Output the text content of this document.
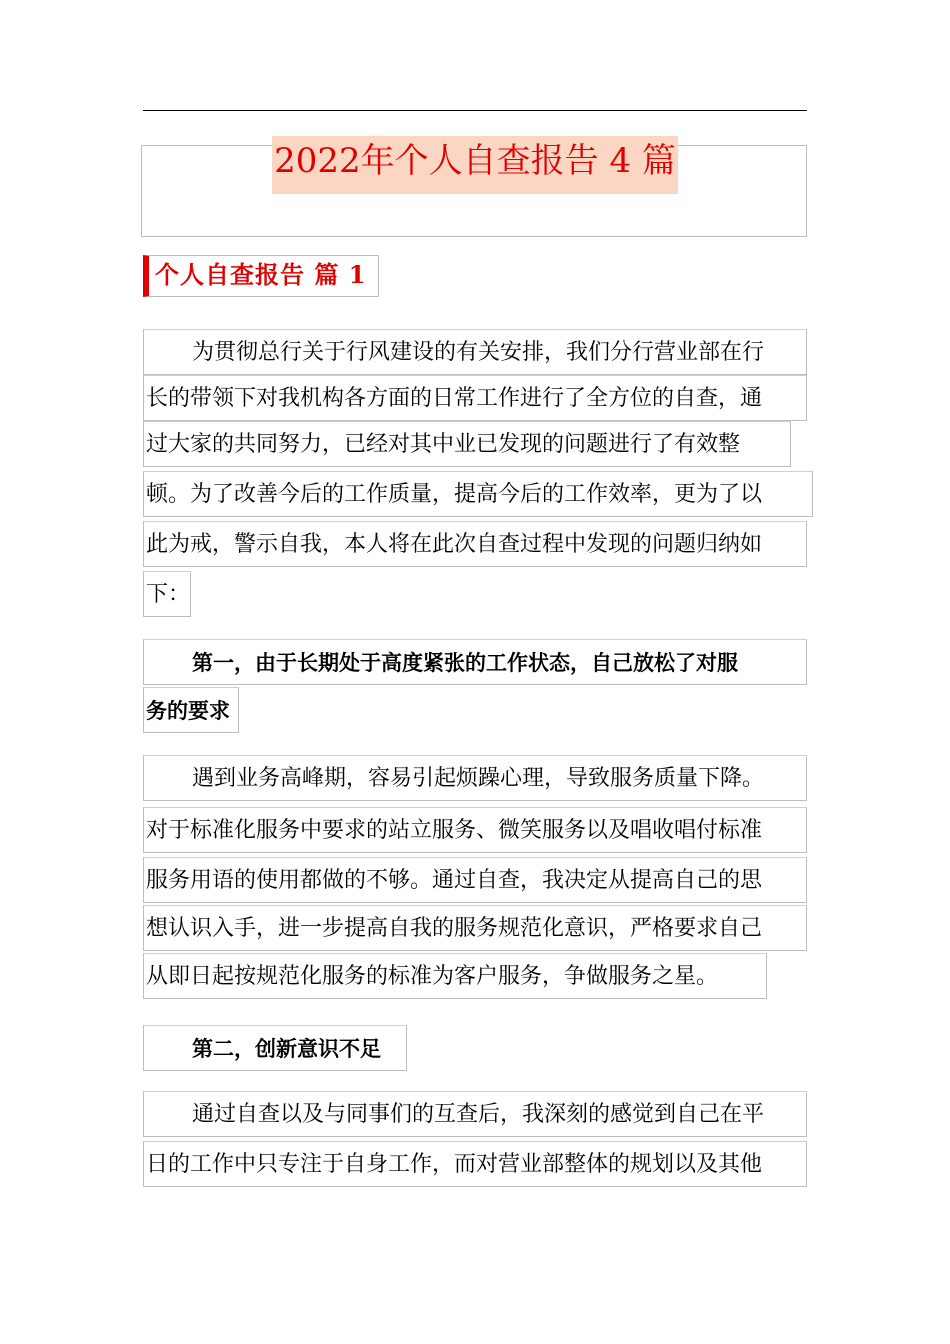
2022年个人自查报告 4 篇
个人自查报告 篇 1
为贯彻总行关于行风建设的有关安排，我们分行营业部在行
长的带领下对我机构各方面的日常工作进行了全方位的自查，通
过大家的共同努力，已经对其中业已发现的问题进行了有效整
顿。为了改善今后的工作质量，提高今后的工作效率，更为了以
此为戒，警示自我，本人将在此次自查过程中发现的问题归纳如
下：
第一，由于长期处于高度紧张的工作状态，自己放松了对服
务的要求
遇到业务高峰期，容易引起烦躁心理，导致服务质量下降。
对于标准化服务中要求的站立服务、微笑服务以及唱收唱付标准
服务用语的使用都做的不够。通过自查，我决定从提高自己的思
想认识入手，进一步提高自我的服务规范化意识，严格要求自己
从即日起按规范化服务的标准为客户服务，争做服务之星。
第二，创新意识不足
通过自查以及与同事们的互查后，我深刻的感觉到自己在平
日的工作中只专注于自身工作，而对营业部整体的规划以及其他
